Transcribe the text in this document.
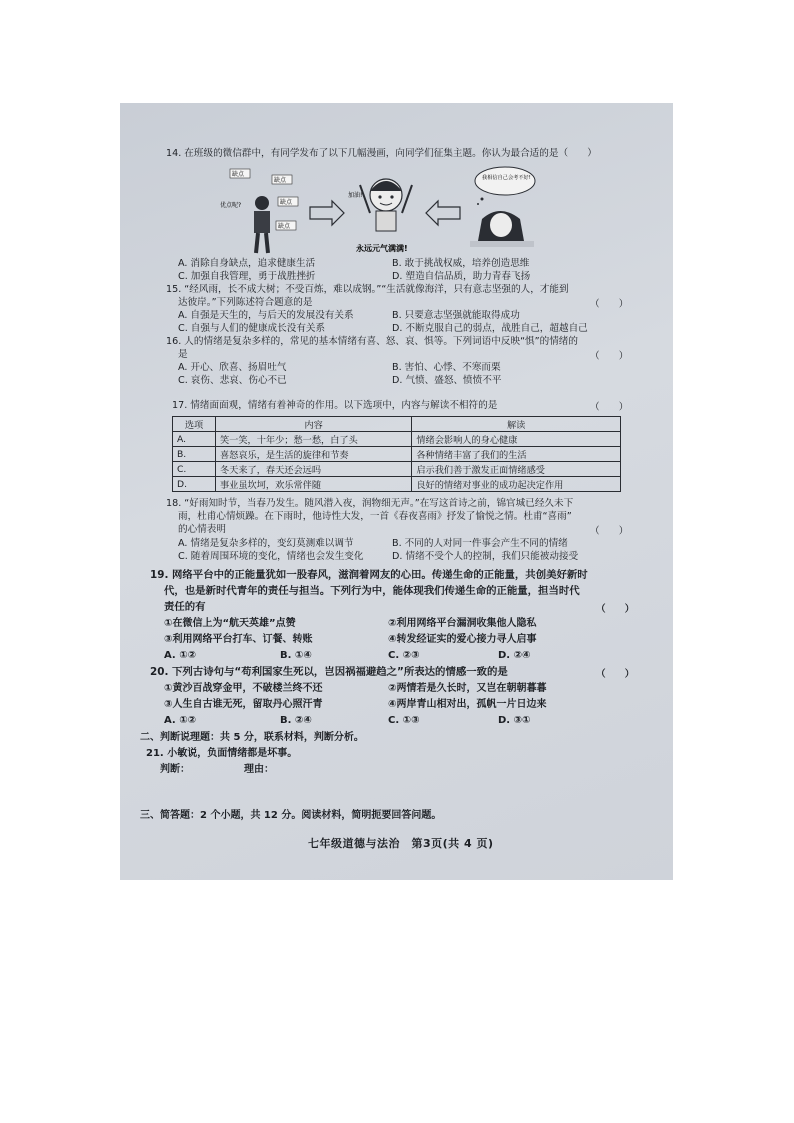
14. 在班级的微信群中，有同学发布了以下几幅漫画，向同学们征集主题。你认为最合适的是（　　）
缺点
缺点
缺点
缺点
优点呢?
加油!
永远元气满满!
我相信自己会考不好!
A. 消除自身缺点，追求健康生活	B. 敢于挑战权威，培养创造思维
C. 加强自我管理，勇于战胜挫折	D. 塑造自信品质，助力青春飞扬
15. “经风雨，长不成大树；不受百炼，难以成钢。”“生活就像海洋，只有意志坚强的人，才能到
达彼岸。”下列陈述符合题意的是	（　　）
A. 自强是天生的，与后天的发展没有关系	B. 只要意志坚强就能取得成功
C. 自强与人们的健康成长没有关系	D. 不断克服自己的弱点，战胜自己，超越自己
16. 人的情绪是复杂多样的，常见的基本情绪有喜、怒、哀、惧等。下列词语中反映“惧”的情绪的
是	（　　）
A. 开心、欣喜、扬眉吐气	B. 害怕、心悸、不寒而栗
C. 哀伤、悲哀、伤心不已	D. 气愤、盛怒、愤愤不平
17. 情绪面面观，情绪有着神奇的作用。以下选项中，内容与解读不相符的是	（　　）
选项	内容	解读
A.	笑一笑，十年少；愁一愁，白了头	情绪会影响人的身心健康
B.	喜怒哀乐，是生活的旋律和节奏	各种情绪丰富了我们的生活
C.	冬天来了，春天还会远吗	启示我们善于激发正面情绪感受
D.	事业虽坎坷，欢乐常伴随	良好的情绪对事业的成功起决定作用
18. “好雨知时节，当春乃发生。随风潜入夜，润物细无声。”在写这首诗之前，锦官城已经久未下
雨，杜甫心情烦躁。在下雨时，他诗性大发，一首《春夜喜雨》抒发了愉悦之情。杜甫“喜雨”
的心情表明	（　　）
A. 情绪是复杂多样的，变幻莫测难以调节	B. 不同的人对同一件事会产生不同的情绪
C. 随着周围环境的变化，情绪也会发生变化	D. 情绪不受个人的控制，我们只能被动接受
19. 网络平台中的正能量犹如一股春风，滋润着网友的心田。传递生命的正能量，共创美好新时
代，也是新时代青年的责任与担当。下列行为中，能体现我们传递生命的正能量，担当时代
责任的有	（　　）
①在微信上为“航天英雄”点赞	②利用网络平台漏洞收集他人隐私
③利用网络平台打车、订餐、转账	④转发经证实的爱心接力寻人启事
A. ①②	B. ①④	C. ②③	D. ②④
20. 下列古诗句与“苟利国家生死以，岂因祸福避趋之”所表达的情感一致的是	（　　）
①黄沙百战穿金甲，不破楼兰终不还	②两情若是久长时，又岂在朝朝暮暮
③人生自古谁无死，留取丹心照汗青	④两岸青山相对出，孤帆一片日边来
A. ①②	B. ②④	C. ①③	D. ③①
二、判断说理题：共 5 分，联系材料，判断分析。
21. 小敏说，负面情绪都是坏事。
判断：	理由：
三、简答题：2 个小题，共 12 分。阅读材料，简明扼要回答问题。
七年级道德与法治　第3页(共 4 页)
